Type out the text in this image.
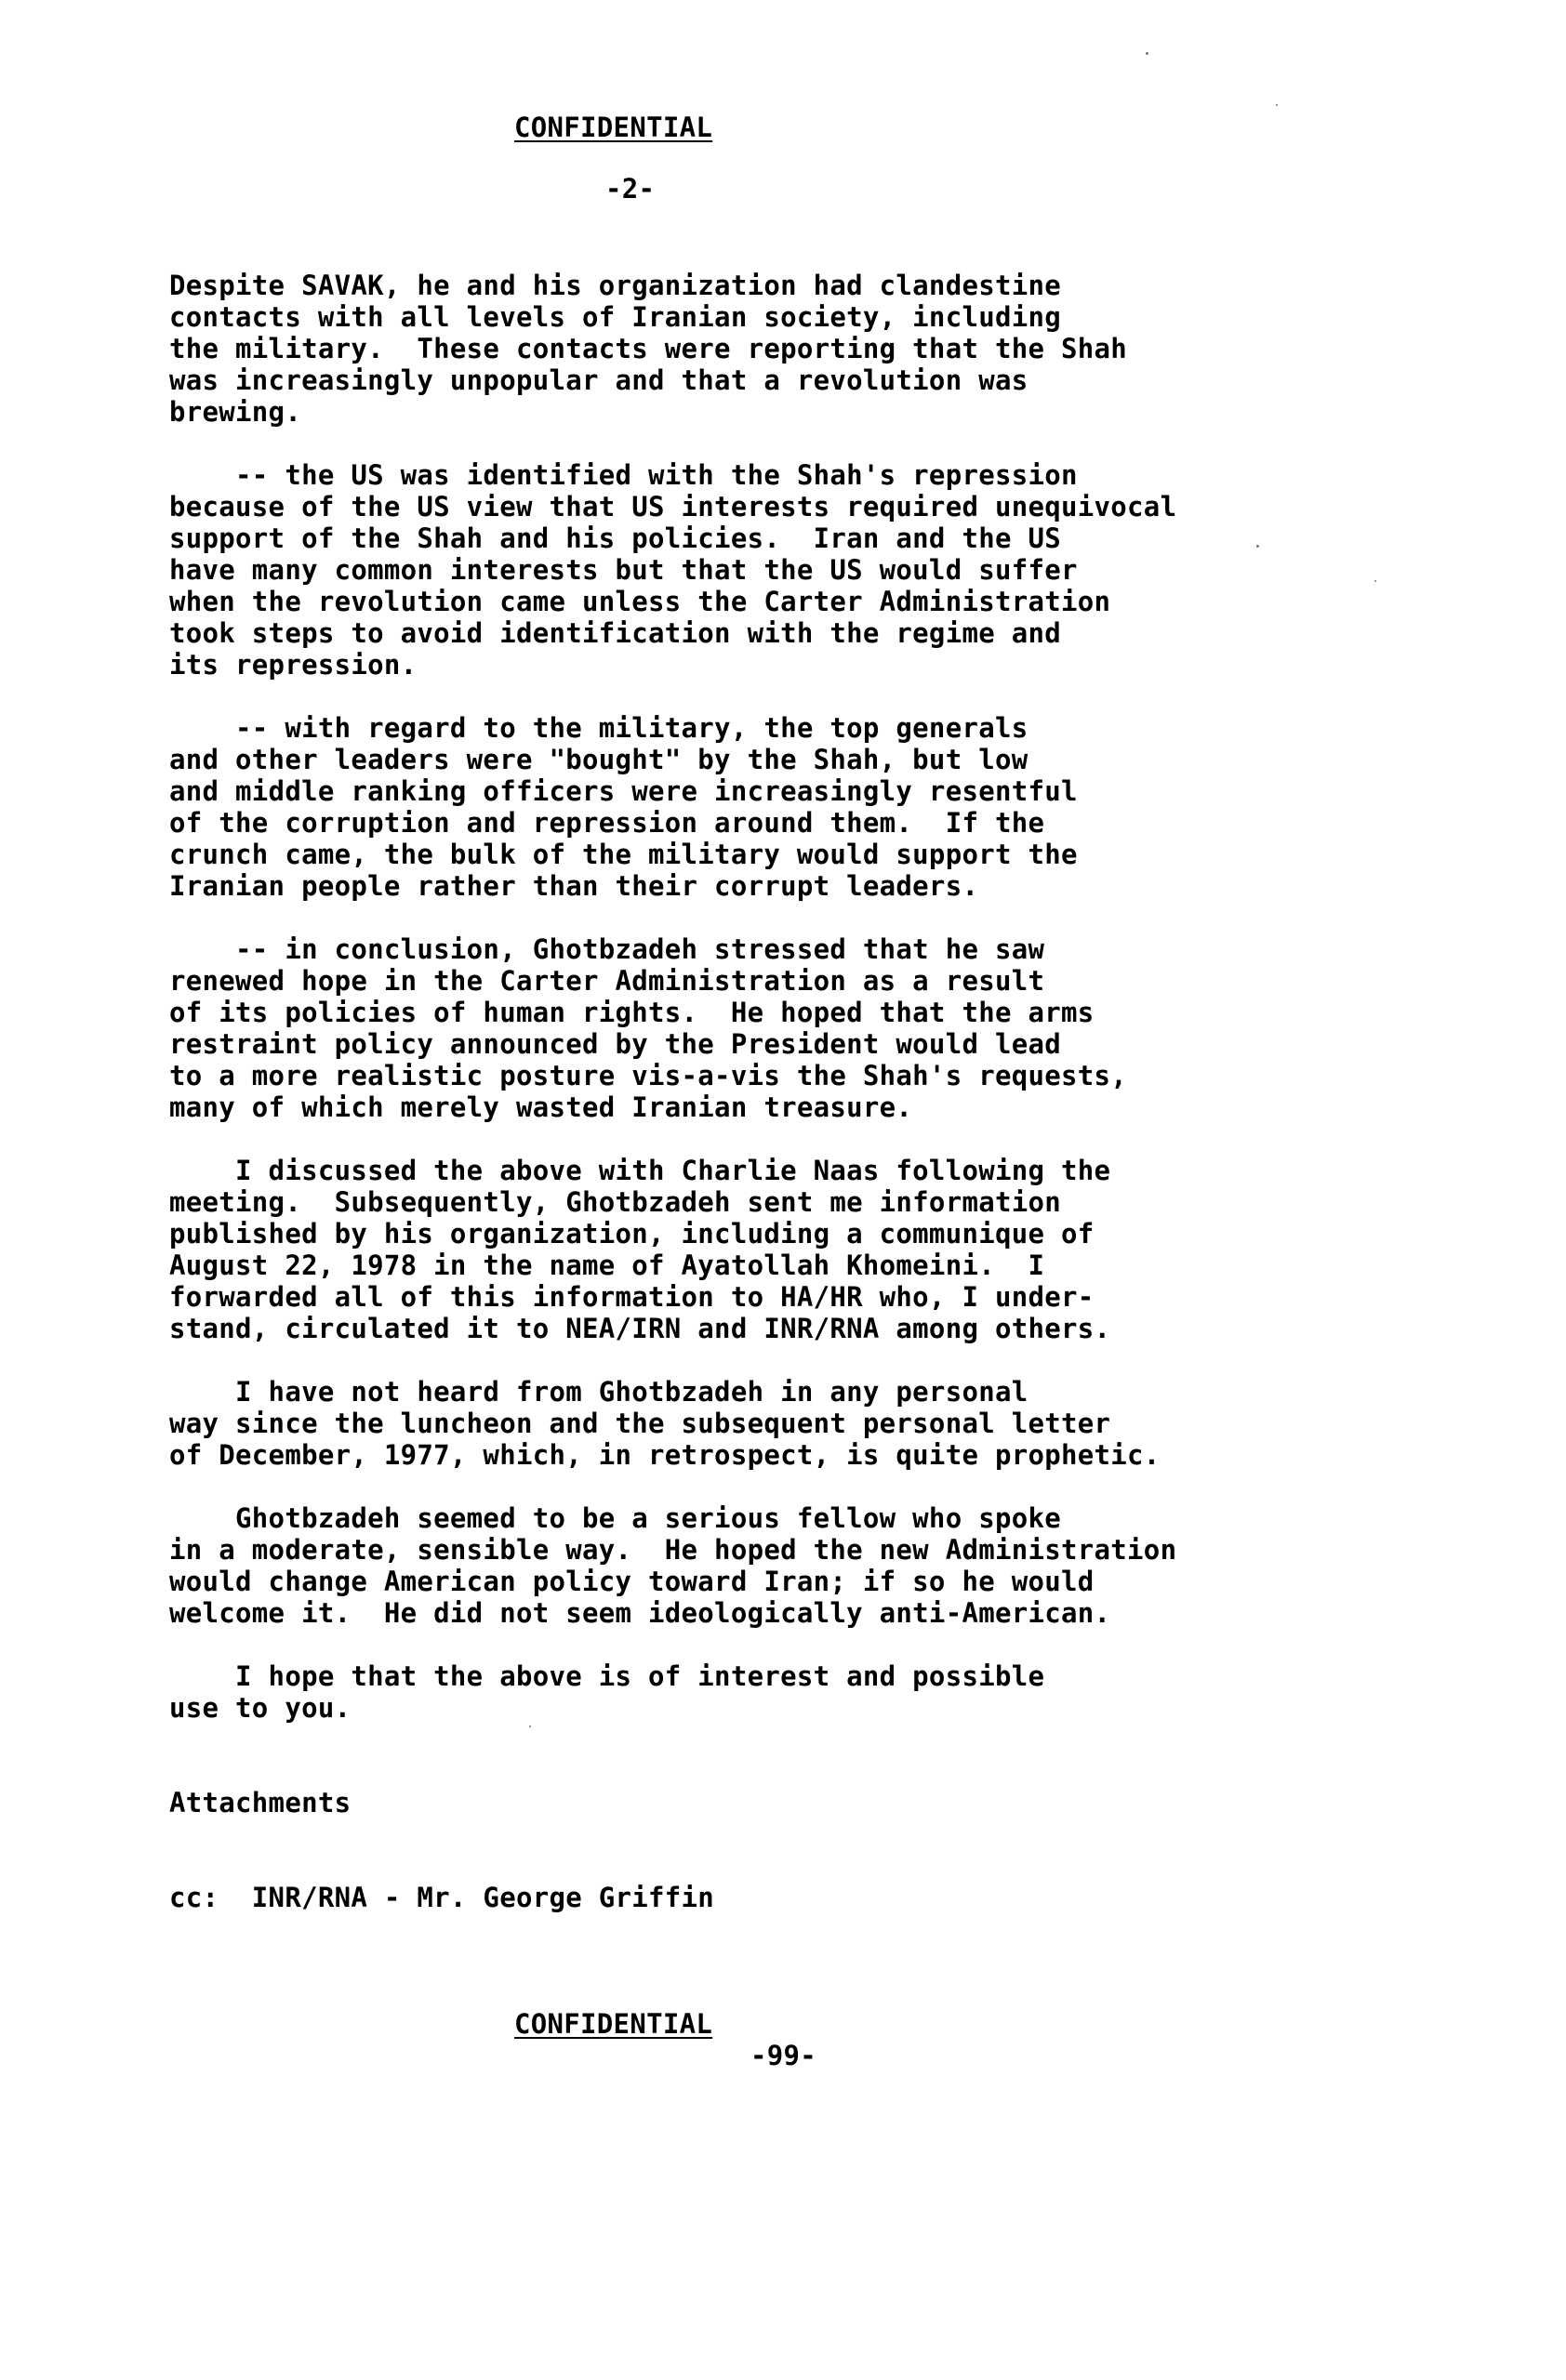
CONFIDENTIAL
-2-
Despite SAVAK, he and his organization had clandestine
contacts with all levels of Iranian society, including
the military.  These contacts were reporting that the Shah
was increasingly unpopular and that a revolution was
brewing.
-- the US was identified with the Shah's repression
because of the US view that US interests required unequivocal
support of the Shah and his policies.  Iran and the US
have many common interests but that the US would suffer
when the revolution came unless the Carter Administration
took steps to avoid identification with the regime and
its repression.
-- with regard to the military, the top generals
and other leaders were "bought" by the Shah, but low
and middle ranking officers were increasingly resentful
of the corruption and repression around them.  If the
crunch came, the bulk of the military would support the
Iranian people rather than their corrupt leaders.
-- in conclusion, Ghotbzadeh stressed that he saw
renewed hope in the Carter Administration as a result
of its policies of human rights.  He hoped that the arms
restraint policy announced by the President would lead
to a more realistic posture vis-a-vis the Shah's requests,
many of which merely wasted Iranian treasure.
I discussed the above with Charlie Naas following the
meeting.  Subsequently, Ghotbzadeh sent me information
published by his organization, including a communique of
August 22, 1978 in the name of Ayatollah Khomeini.  I
forwarded all of this information to HA/HR who, I under-
stand, circulated it to NEA/IRN and INR/RNA among others.
I have not heard from Ghotbzadeh in any personal
way since the luncheon and the subsequent personal letter
of December, 1977, which, in retrospect, is quite prophetic.
Ghotbzadeh seemed to be a serious fellow who spoke
in a moderate, sensible way.  He hoped the new Administration
would change American policy toward Iran; if so he would
welcome it.  He did not seem ideologically anti-American.
I hope that the above is of interest and possible
use to you.
Attachments
cc:  INR/RNA - Mr. George Griffin
CONFIDENTIAL
-99-
